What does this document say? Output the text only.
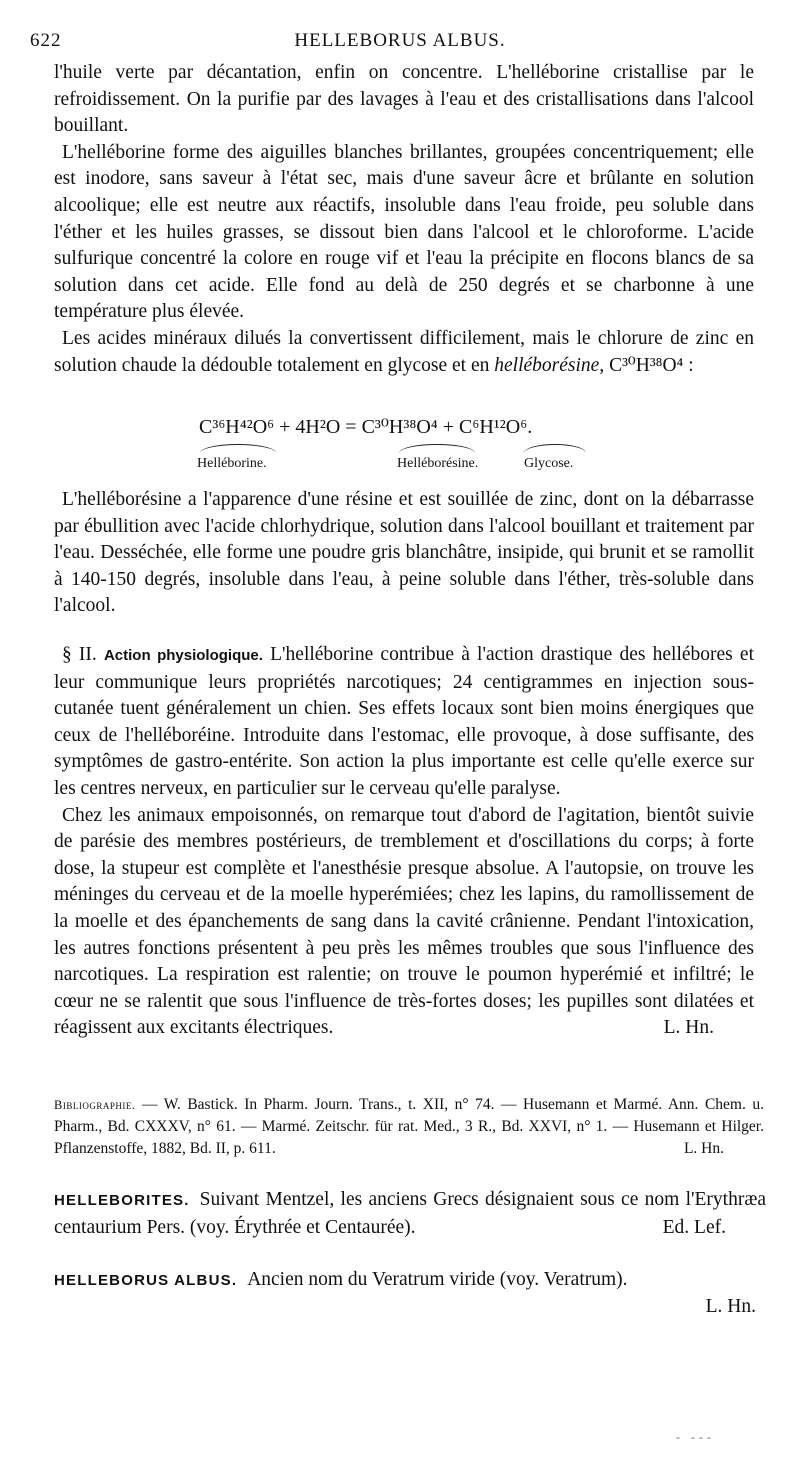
622	HELLEBORUS ALBUS.

l'huile verte par décantation, enfin on concentre. L'helléborine cristallise par le refroidissement. On la purifie par des lavages à l'eau et des cristallisations dans l'alcool bouillant.

L'helléborine forme des aiguilles blanches brillantes, groupées concentriquement; elle est inodore, sans saveur à l'état sec, mais d'une saveur âcre et brûlante en solution alcoolique; elle est neutre aux réactifs, insoluble dans l'eau froide, peu soluble dans l'éther et les huiles grasses, se dissout bien dans l'alcool et le chloroforme. L'acide sulfurique concentré la colore en rouge vif et l'eau la précipite en flocons blancs de sa solution dans cet acide. Elle fond au delà de 250 degrés et se charbonne à une température plus élevée.

Les acides minéraux dilués la convertissent difficilement, mais le chlorure de zinc en solution chaude la dédouble totalement en glycose et en helléborésine, C³⁰H³⁸O⁴ :

C³⁶H⁴²O⁶ + 4H²O = C³⁰H³⁸O⁴ + C⁶H¹²O⁶.
Helléborine.	Helléborésine.	Glycose.

L'helléborésine a l'apparence d'une résine et est souillée de zinc, dont on la débarrasse par ébullition avec l'acide chlorhydrique, solution dans l'alcool bouillant et traitement par l'eau. Desséchée, elle forme une poudre gris blanchâtre, insipide, qui brunit et se ramollit à 140-150 degrés, insoluble dans l'eau, à peine soluble dans l'éther, très-soluble dans l'alcool.

§ II. Action physiologique. L'helléborine contribue à l'action drastique des hellébores et leur communique leurs propriétés narcotiques; 24 centigrammes en injection sous-cutanée tuent généralement un chien. Ses effets locaux sont bien moins énergiques que ceux de l'helléboréine. Introduite dans l'estomac, elle provoque, à dose suffisante, des symptômes de gastro-entérite. Son action la plus importante est celle qu'elle exerce sur les centres nerveux, en particulier sur le cerveau qu'elle paralyse.

Chez les animaux empoisonnés, on remarque tout d'abord de l'agitation, bientôt suivie de parésie des membres postérieurs, de tremblement et d'oscillations du corps; à forte dose, la stupeur est complète et l'anesthésie presque absolue. A l'autopsie, on trouve les méninges du cerveau et de la moelle hyperémiées; chez les lapins, du ramollissement de la moelle et des épanchements de sang dans la cavité crânienne. Pendant l'intoxication, les autres fonctions présentent à peu près les mêmes troubles que sous l'influence des narcotiques. La respiration est ralentie; on trouve le poumon hyperémié et infiltré; le cœur ne se ralentit que sous l'influence de très-fortes doses; les pupilles sont dilatées et réagissent aux excitants électriques.	L. Hn.

Bibliographie. — W. Bastick. In Pharm. Journ. Trans., t. XII, n° 74. — Husemann et Marmé. Ann. Chem. u. Pharm., Bd. CXXXV, n° 61. — Marmé. Zeitschr. für rat. Med., 3 R., Bd. XXVI, n° 1. — Husemann et Hilger. Pflanzenstoffe, 1882, Bd. II, p. 611.	L. Hn.
HELLEBORITES. Suivant Mentzel, les anciens Grecs désignaient sous ce nom l'Erythræa centaurium Pers. (voy. Érythrée et Centaurée).	Ed. Lef.
HELLEBORUS ALBUS. Ancien nom du Veratrum viride (voy. Veratrum).
L. Hn.
- ---
